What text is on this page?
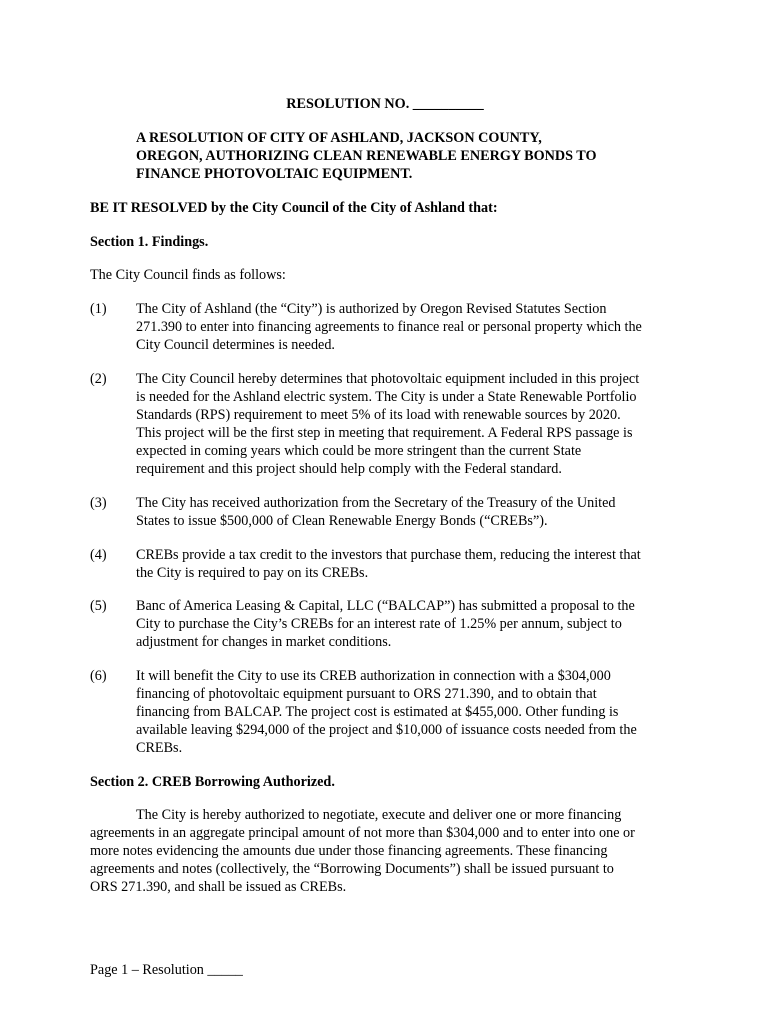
RESOLUTION NO. __________
A RESOLUTION OF CITY OF ASHLAND, JACKSON COUNTY,
OREGON, AUTHORIZING CLEAN RENEWABLE ENERGY BONDS TO
FINANCE PHOTOVOLTAIC EQUIPMENT.
BE IT RESOLVED by the City Council of the City of Ashland that:
Section 1. Findings.
The City Council finds as follows:
(1)	The City of Ashland (the “City”) is authorized by Oregon Revised Statutes Section
271.390 to enter into financing agreements to finance real or personal property which the
City Council determines is needed.
(2)	The City Council hereby determines that photovoltaic equipment included in this project
is needed for the Ashland electric system. The City is under a State Renewable Portfolio
Standards (RPS) requirement to meet 5% of its load with renewable sources by 2020.
This project will be the first step in meeting that requirement. A Federal RPS passage is
expected in coming years which could be more stringent than the current State
requirement and this project should help comply with the Federal standard.
(3)	The City has received authorization from the Secretary of the Treasury of the United
States to issue $500,000 of Clean Renewable Energy Bonds (“CREBs”).
(4)	CREBs provide a tax credit to the investors that purchase them, reducing the interest that
the City is required to pay on its CREBs.
(5)	Banc of America Leasing & Capital, LLC (“BALCAP”) has submitted a proposal to the
City to purchase the City’s CREBs for an interest rate of 1.25% per annum, subject to
adjustment for changes in market conditions.
(6)	It will benefit the City to use its CREB authorization in connection with a $304,000
financing of photovoltaic equipment pursuant to ORS 271.390, and to obtain that
financing from BALCAP. The project cost is estimated at $455,000. Other funding is
available leaving $294,000 of the project and $10,000 of issuance costs needed from the
CREBs.
Section 2. CREB Borrowing Authorized.
The City is hereby authorized to negotiate, execute and deliver one or more financing
agreements in an aggregate principal amount of not more than $304,000 and to enter into one or
more notes evidencing the amounts due under those financing agreements. These financing
agreements and notes (collectively, the “Borrowing Documents”) shall be issued pursuant to
ORS 271.390, and shall be issued as CREBs.
Page 1 – Resolution _____
